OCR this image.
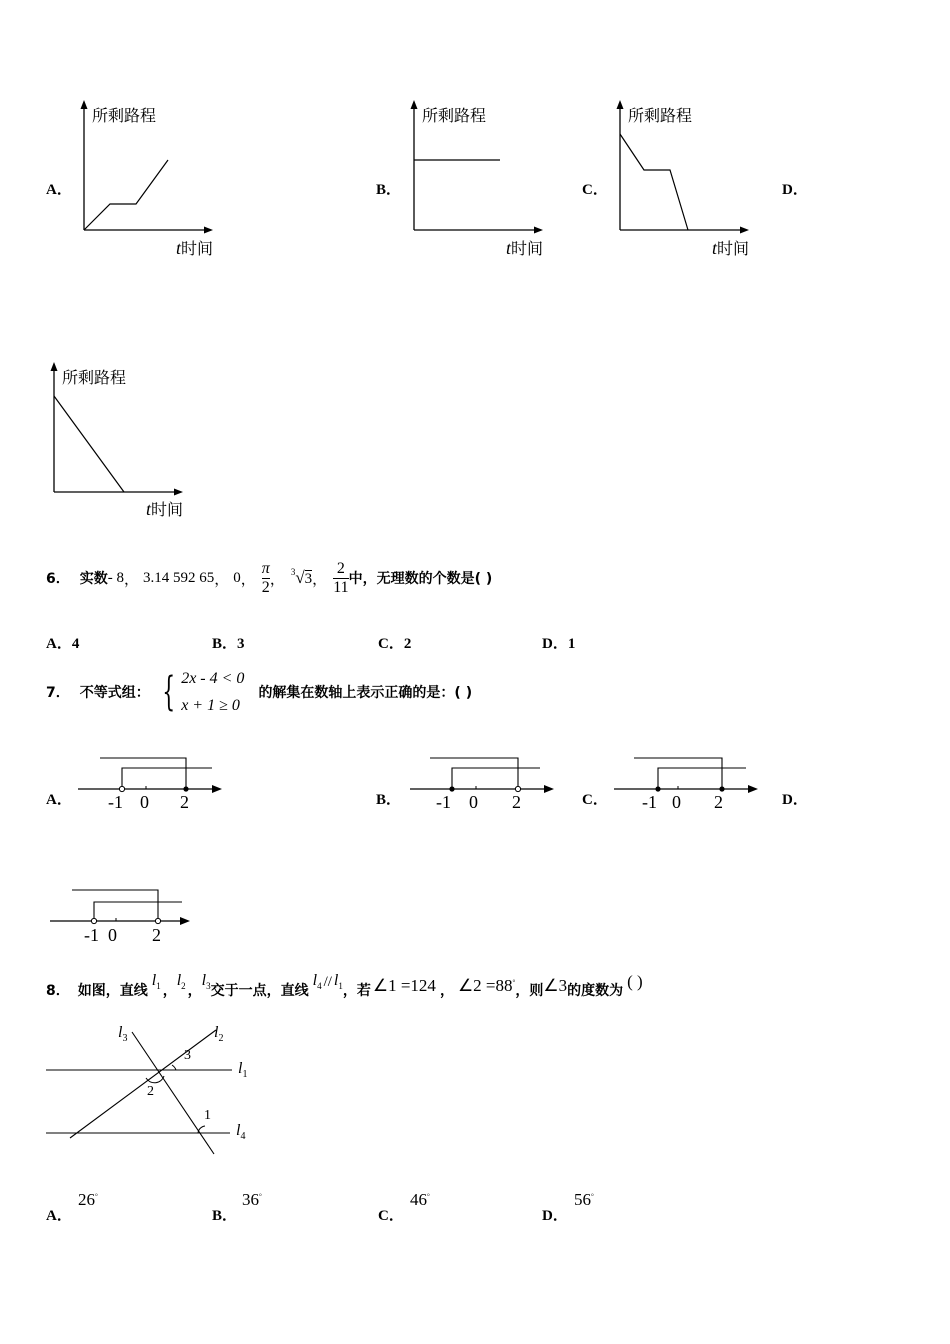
A．
所剩路程
t时间
B．
所剩路程
t时间
C．
所剩路程
t时间
D．
所剩路程
t时间
6． 实数 - 8 ， 3.14 592 65 ， 0 ， $\frac{\pi}{2}$ ， $^3$√3 ， $\frac{2}{11}$ 中，无理数的个数是( )
A．4	B．3	C．2	D．1
7． 不等式组： { 2x - 4 < 0
x + 1 ≥ 0
的解集在数轴上表示正确的是：( )
A． -1 0 2	B． -1 0 2	C． -1 0 2	D．
-1 0 2
8． 如图，直线
$l_1$ ，
$l_2$ ，
$l_3$ 交于一点，直线
$l_4 // l_1$ ，若 ∠1 =124 ， ∠2 =88°
，则 ∠3 的度数为 ( )
$l_3$	$l_2$
$l_1$
$l_4$
3
2
1
A．
26°
B．
36°
C．
46°
D．
56°
